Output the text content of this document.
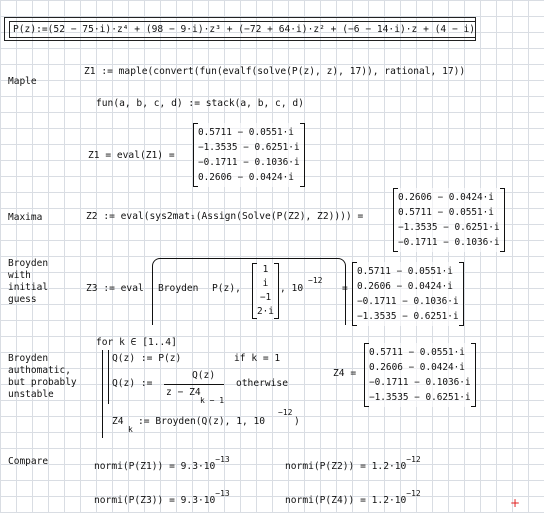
P(z):=(52 − 75·i)·z⁴ + (98 − 9·i)·z³ + (−72 + 64·i)·z² + (−6 − 14·i)·z + (4 − i)
Maple
Maxima
Broyden
with
initial
guess
Broyden
authomatic,
but probably
unstable
Compare
Z1 := maple(convert(fun(evalf(solve(P(z), z), 17)), rational, 17))
fun(a, b, c, d) := stack(a, b, c, d)
Z1 = eval(Z1) =
0.5711 − 0.0551·i
−1.3535 − 0.6251·i
−0.1711 − 0.1036·i
0.2606 − 0.0424·i
Z2 := eval(sys2mat₁(Assign(Solve(P(Z2), Z2)))) =
0.2606 − 0.0424·i
0.5711 − 0.0551·i
−1.3535 − 0.6251·i
−0.1711 − 0.1036·i
Z3 := eval Broyden P(z),
1
i
−1
2·i
, 10
−12
=
0.5711 − 0.0551·i
0.2606 − 0.0424·i
−0.1711 − 0.1036·i
−1.3535 − 0.6251·i
for k ∈ [1..4]
Q(z) := P(z)	if k = 1
Q(z) :=
Q(z)
z − Z4
k − 1
otherwise
Z4
k
:= Broyden(Q(z), 1, 10
−12
)
Z4 =
0.5711 − 0.0551·i
0.2606 − 0.0424·i
−0.1711 − 0.1036·i
−1.3535 − 0.6251·i
normi(P(Z1)) = $9.3\cdot 10^{-13}$
normi(P(Z2)) = $1.2\cdot 10^{-12}$
normi(P(Z3)) = $9.3\cdot 10^{-13}$
normi(P(Z4)) = $1.2\cdot 10^{-12}$
+
